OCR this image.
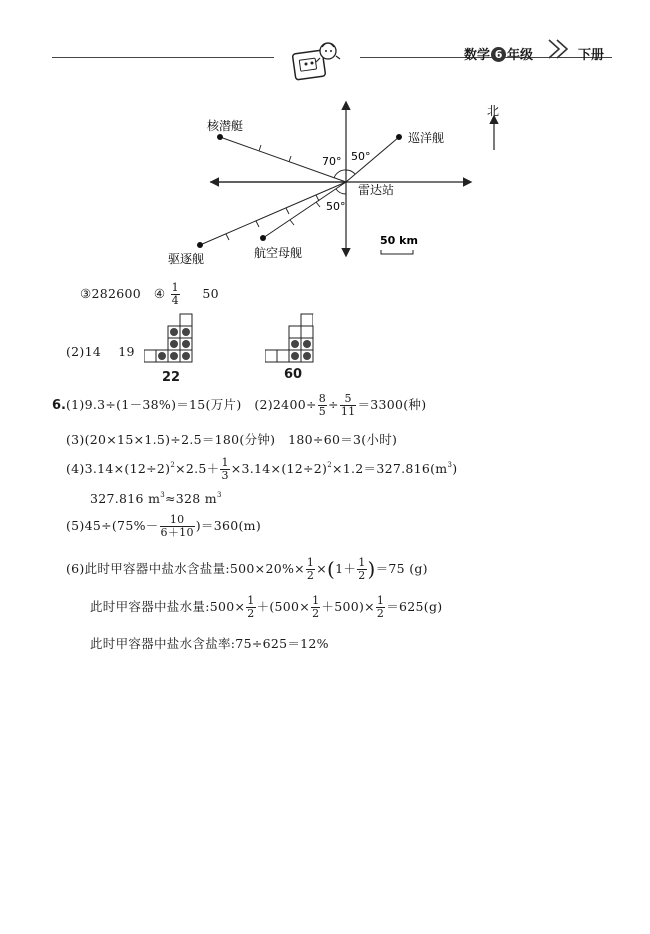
数学 6 年级	下册
北
核潜艇
巡洋舰
雷达站
驱逐舰	航空母舰
70° 50°
50°
50 km
③282600　 ④ $\frac{1}{4}$
　 50
(2)14　 19
22	60
6. (1)9.3÷(1－38%)＝15(万片)　 $(2)2400\div \frac{8}{5} \div \frac{5}{11} =3300$(种)
(3)(20×15×1.5)÷2.5＝180(分钟)　180÷60＝3(小时)
$(4)3.14\times(12\div 2)^2\times 2.5+ \frac{1}{3} \times 3.14\times(12\div 2)^2\times 1.2=327.816(m^3)$
327.816 $m^3\approx 328$ $m^3$
$(5)45\div(75\%- \frac{10}{6+10} )=360(m)$
(6)此时甲容器中盐水含盐量:500×20%× $\frac{1}{2} \times(1+ \frac{1}{2} )=75$ (g)
此时甲容器中盐水量:500× $\frac{1}{2} +(500\times \frac{1}{2} +500)\times \frac{1}{2} =625(g)$
此时甲容器中盐水含盐率:75÷625＝12%
